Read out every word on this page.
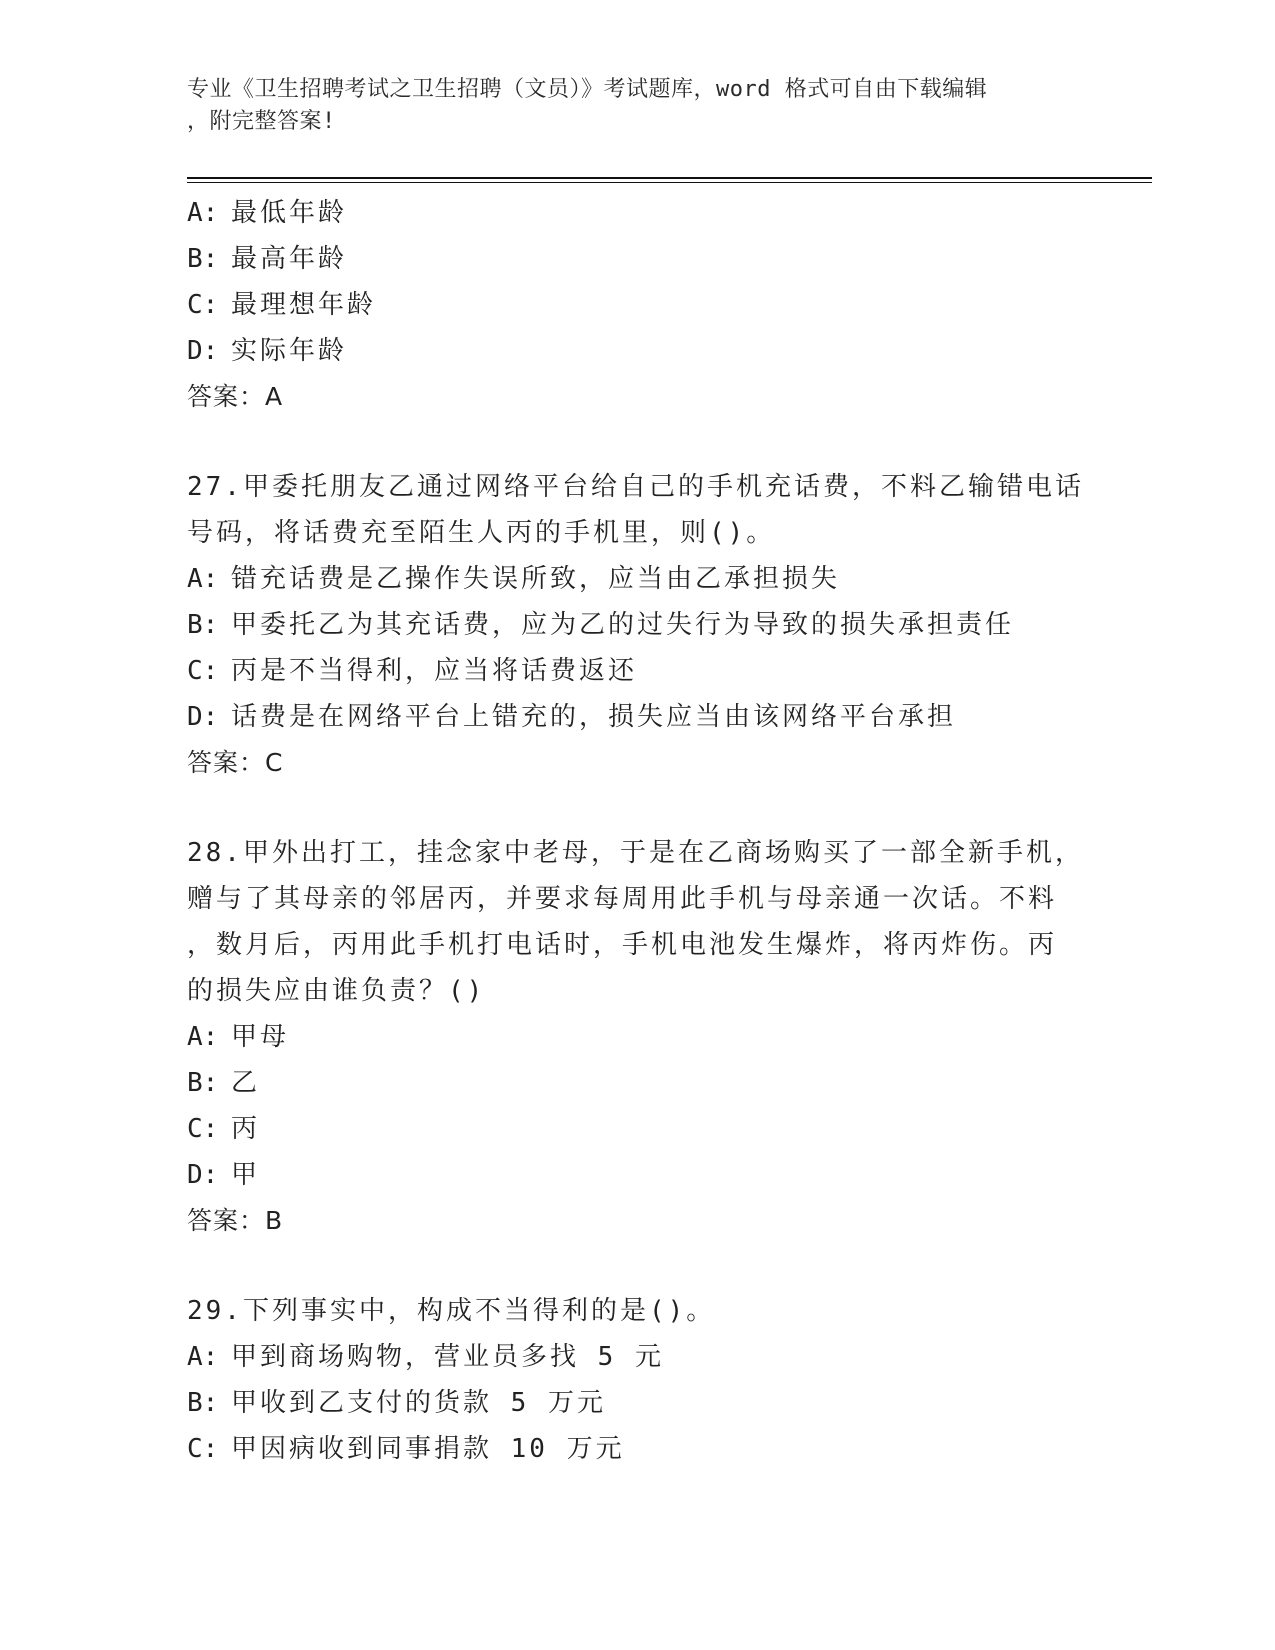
专业《卫生招聘考试之卫生招聘（文员）》考试题库，word 格式可自由下载编辑
，附完整答案!
A: 最低年龄
B: 最高年龄
C: 最理想年龄
D: 实际年龄
答案：A
27.甲委托朋友乙通过网络平台给自己的手机充话费，不料乙输错电话
号码，将话费充至陌生人丙的手机里，则()。
A: 错充话费是乙操作失误所致，应当由乙承担损失
B: 甲委托乙为其充话费，应为乙的过失行为导致的损失承担责任
C: 丙是不当得利，应当将话费返还
D: 话费是在网络平台上错充的，损失应当由该网络平台承担
答案：C
28.甲外出打工，挂念家中老母，于是在乙商场购买了一部全新手机，
赠与了其母亲的邻居丙，并要求每周用此手机与母亲通一次话。不料
，数月后，丙用此手机打电话时，手机电池发生爆炸，将丙炸伤。丙
的损失应由谁负责？()
A: 甲母
B: 乙
C: 丙
D: 甲
答案：B
29.下列事实中，构成不当得利的是()。
A: 甲到商场购物，营业员多找 5 元
B: 甲收到乙支付的货款 5 万元
C: 甲因病收到同事捐款 10 万元
